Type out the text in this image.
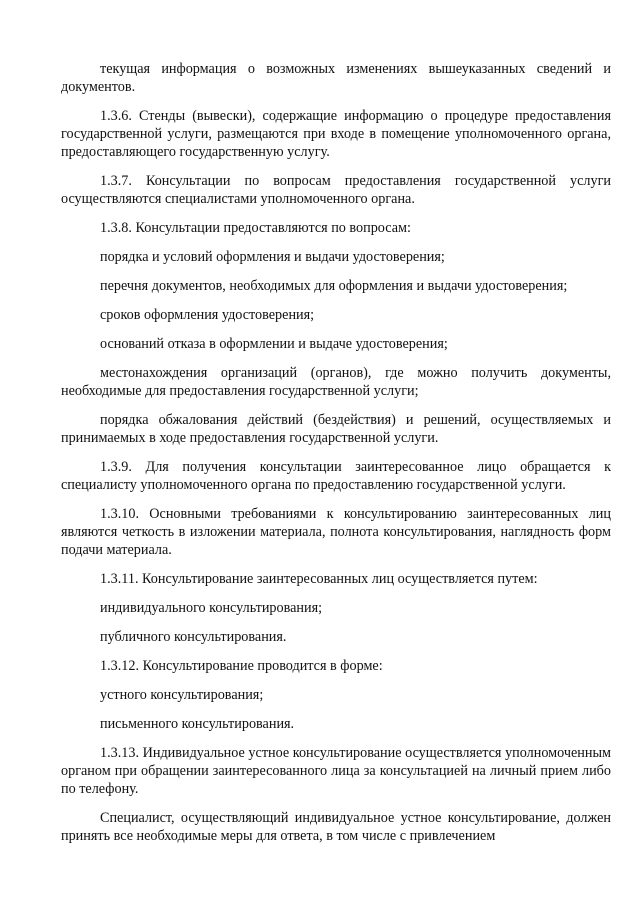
текущая информация о возможных изменениях вышеуказанных сведений и документов.

1.3.6. Стенды (вывески), содержащие информацию о процедуре предоставления государственной услуги, размещаются при входе в помещение уполномоченного органа, предоставляющего государственную услугу.

1.3.7. Консультации по вопросам предоставления государственной услуги осуществляются специалистами уполномоченного органа.

1.3.8. Консультации предоставляются по вопросам:

порядка и условий оформления и выдачи удостоверения;

перечня документов, необходимых для оформления и выдачи удостоверения;

сроков оформления удостоверения;

оснований отказа в оформлении и выдаче удостоверения;

местонахождения организаций (органов), где можно получить документы, необходимые для предоставления государственной услуги;

порядка обжалования действий (бездействия) и решений, осуществляемых и принимаемых в ходе предоставления государственной услуги.

1.3.9. Для получения консультации заинтересованное лицо обращается к специалисту уполномоченного органа по предоставлению государственной услуги.

1.3.10. Основными требованиями к консультированию заинтересованных лиц являются четкость в изложении материала, полнота консультирования, наглядность форм подачи материала.

1.3.11. Консультирование заинтересованных лиц осуществляется путем:

индивидуального консультирования;

публичного консультирования.

1.3.12. Консультирование проводится в форме:

устного консультирования;

письменного консультирования.

1.3.13. Индивидуальное устное консультирование осуществляется уполномоченным органом при обращении заинтересованного лица за консультацией на личный прием либо по телефону.

Специалист, осуществляющий индивидуальное устное консультирование, должен принять все необходимые меры для ответа, в том числе с привлечением
